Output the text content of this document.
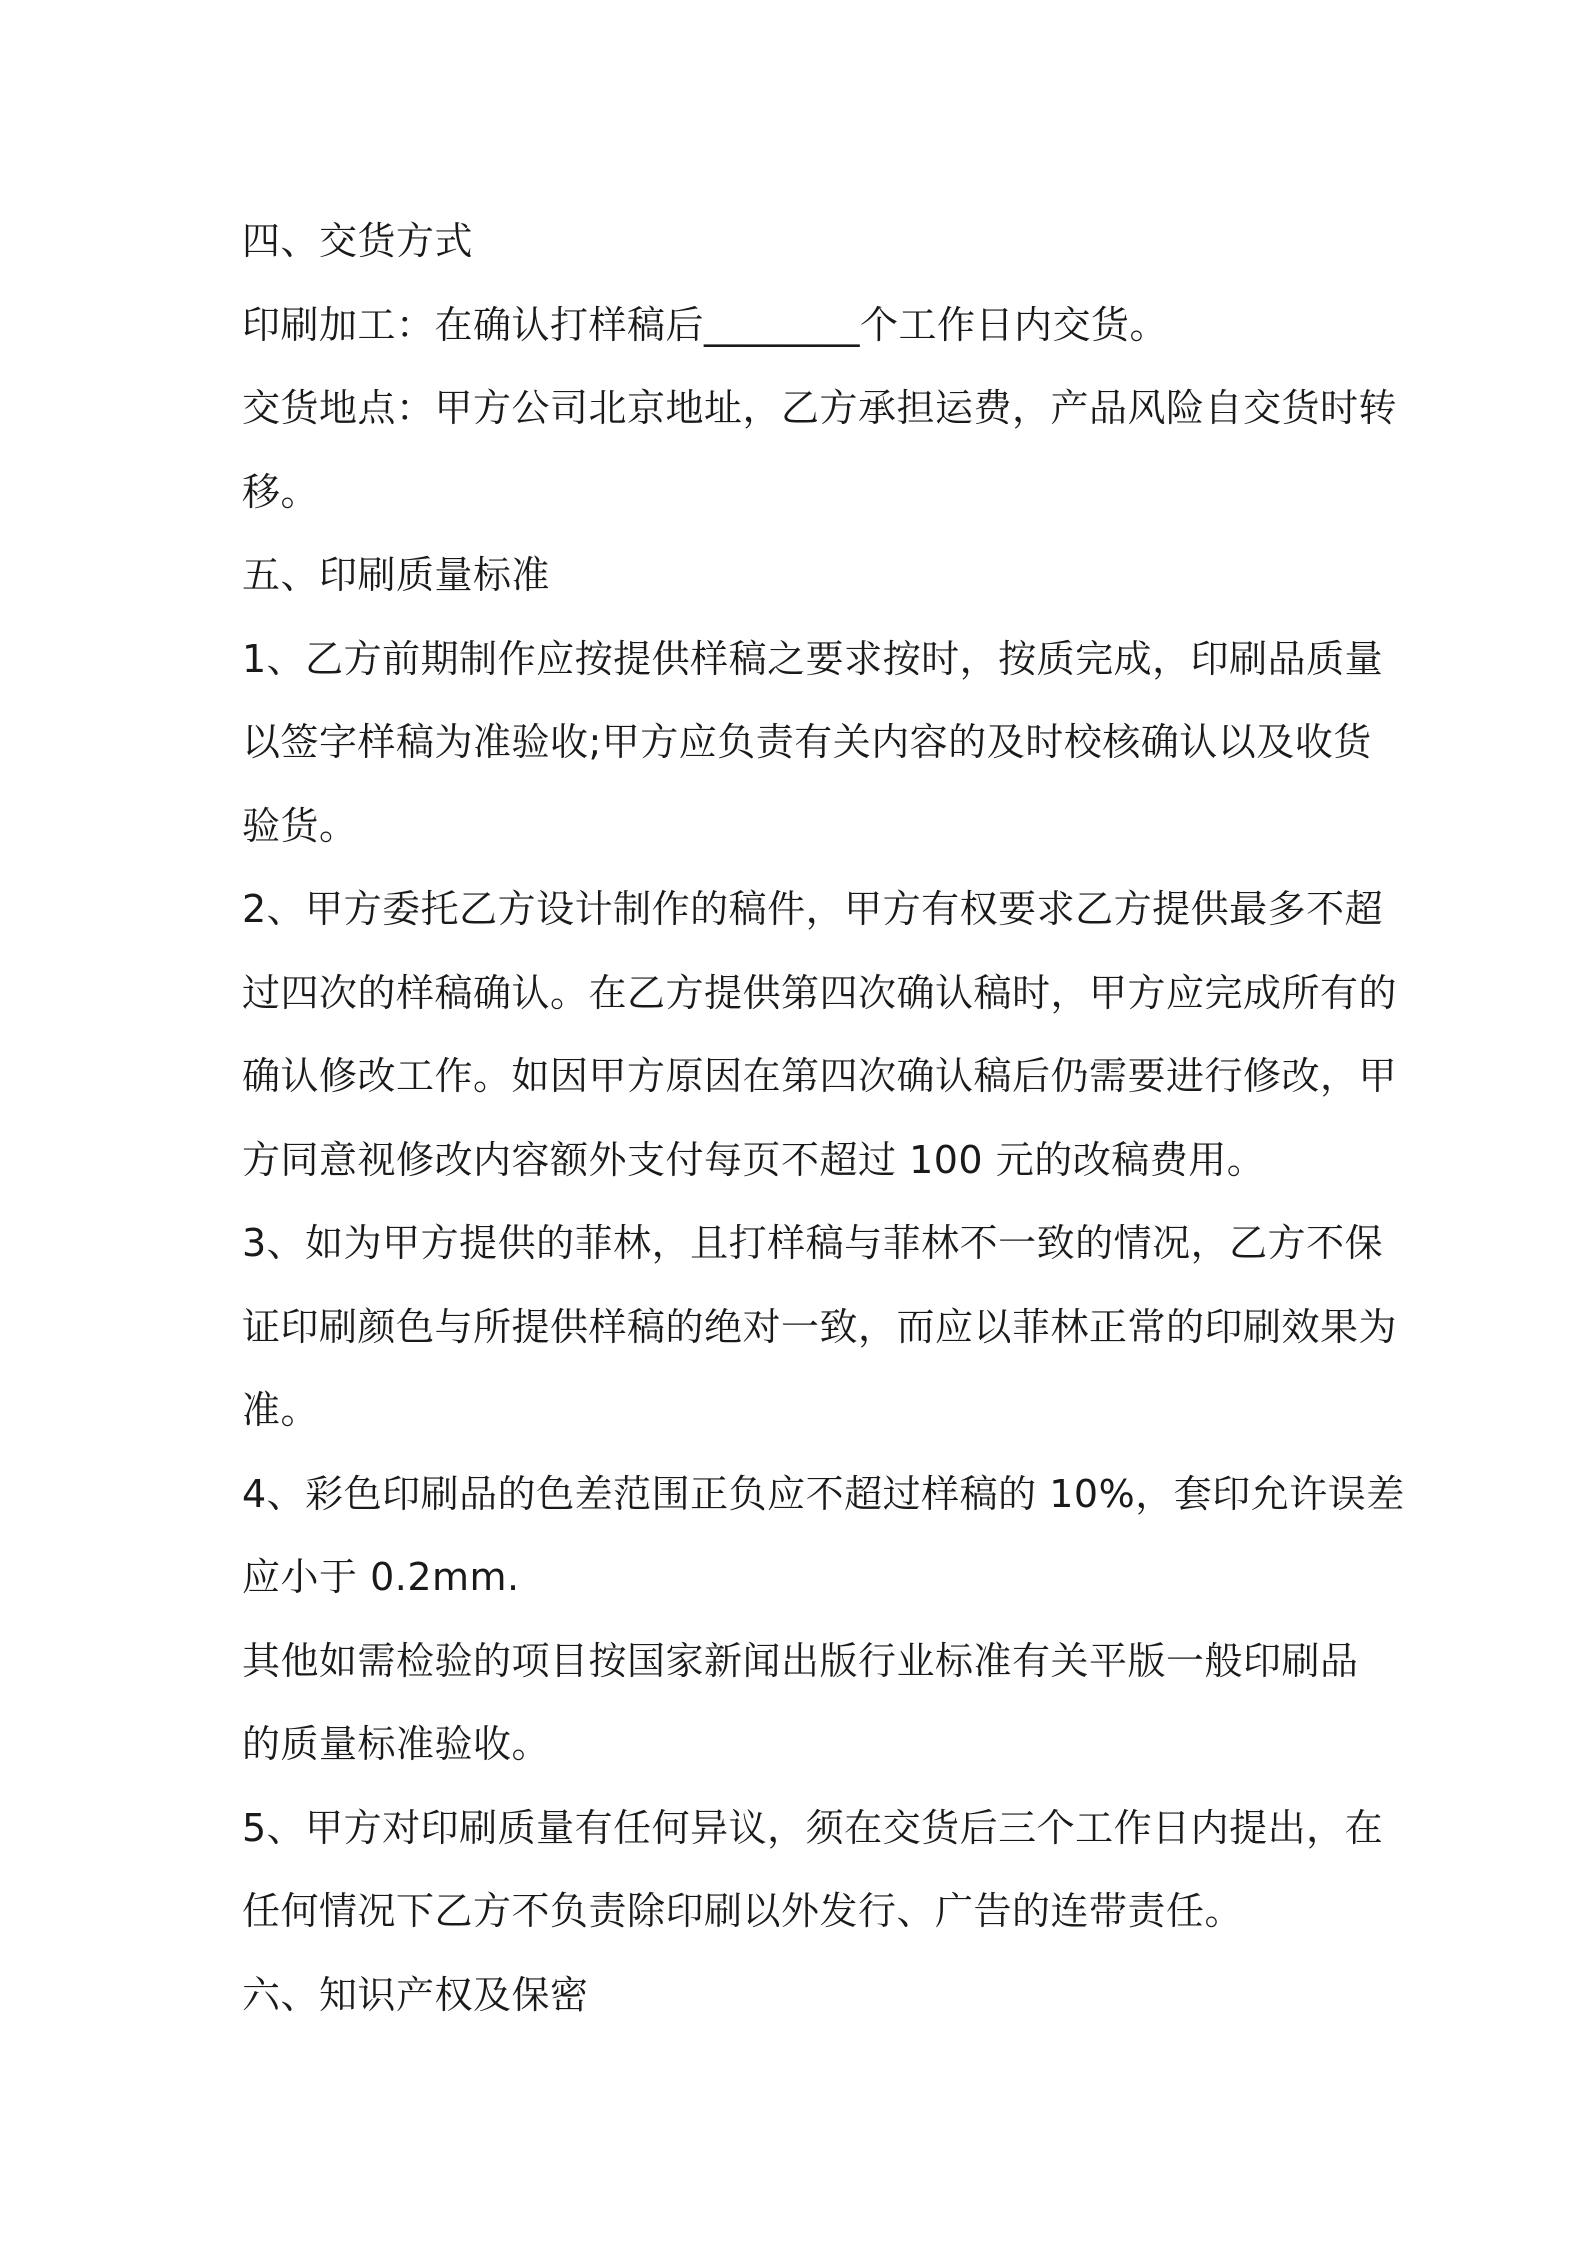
四、交货方式
印刷加工：在确认打样稿后________个工作日内交货。
交货地点：甲方公司北京地址，乙方承担运费，产品风险自交货时转
移。
五、印刷质量标准
1、乙方前期制作应按提供样稿之要求按时，按质完成，印刷品质量
以签字样稿为准验收;甲方应负责有关内容的及时校核确认以及收货
验货。
2、甲方委托乙方设计制作的稿件，甲方有权要求乙方提供最多不超
过四次的样稿确认。在乙方提供第四次确认稿时，甲方应完成所有的
确认修改工作。如因甲方原因在第四次确认稿后仍需要进行修改，甲
方同意视修改内容额外支付每页不超过 100 元的改稿费用。
3、如为甲方提供的菲林，且打样稿与菲林不一致的情况，乙方不保
证印刷颜色与所提供样稿的绝对一致，而应以菲林正常的印刷效果为
准。
4、彩色印刷品的色差范围正负应不超过样稿的 10%，套印允许误差
应小于 0.2mm.
其他如需检验的项目按国家新闻出版行业标准有关平版一般印刷品
的质量标准验收。
5、甲方对印刷质量有任何异议，须在交货后三个工作日内提出，在
任何情况下乙方不负责除印刷以外发行、广告的连带责任。
六、知识产权及保密
